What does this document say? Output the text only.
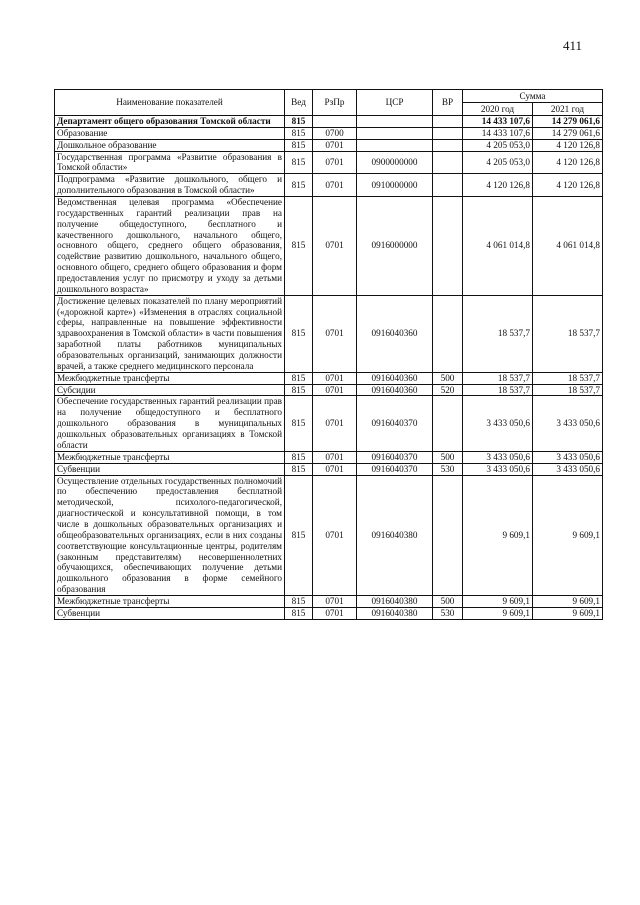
411
Наименование показателей	Вед	РзПр	ЦСР	ВР	Сумма	
					2020 год	2021 год
Департамент общего образования Томской области	815				14 433 107,6	14 279 061,6
Образование	815	0700			14 433 107,6	14 279 061,6
Дошкольное образование	815	0701			4 205 053,0	4 120 126,8
Государственная программа «Развитие образования в Томской области»	815	0701	0900000000		4 205 053,0	4 120 126,8
Подпрограмма «Развитие дошкольного, общего и дополнительного образования в Томской области»	815	0701	0910000000		4 120 126,8	4 120 126,8
Ведомственная целевая программа «Обеспечение государственных гарантий реализации прав на получение общедоступного, бесплатного и качественного дошкольного, начального общего, основного общего, среднего общего образования, содействие развитию дошкольного, начального общего, основного общего, среднего общего образования и форм предоставления услуг по присмотру и уходу за детьми дошкольного возраста»	815	0701	0916000000		4 061 014,8	4 061 014,8
Достижение целевых показателей по плану мероприятий («дорожной карте») «Изменения в отраслях социальной сферы, направленные на повышение эффективности здравоохранения в Томской области» в части повышения заработной платы работников муниципальных образовательных организаций, занимающих должности врачей, а также среднего медицинского персонала	815	0701	0916040360		18 537,7	18 537,7
Межбюджетные трансферты	815	0701	0916040360	500	18 537,7	18 537,7
Субсидии	815	0701	0916040360	520	18 537,7	18 537,7
Обеспечение государственных гарантий реализации прав на получение общедоступного и бесплатного дошкольного образования в муниципальных дошкольных образовательных организациях в Томской области	815	0701	0916040370		3 433 050,6	3 433 050,6
Межбюджетные трансферты	815	0701	0916040370	500	3 433 050,6	3 433 050,6
Субвенции	815	0701	0916040370	530	3 433 050,6	3 433 050,6
Осуществление отдельных государственных полномочий по обеспечению предоставления бесплатной методической, психолого-педагогической, диагностической и консультативной помощи, в том числе в дошкольных образовательных организациях и общеобразовательных организациях, если в них созданы соответствующие консультационные центры, родителям (законным представителям) несовершеннолетних обучающихся, обеспечивающих получение детьми дошкольного образования в форме семейного образования	815	0701	0916040380		9 609,1	9 609,1
Межбюджетные трансферты	815	0701	0916040380	500	9 609,1	9 609,1
Субвенции	815	0701	0916040380	530	9 609,1	9 609,1
